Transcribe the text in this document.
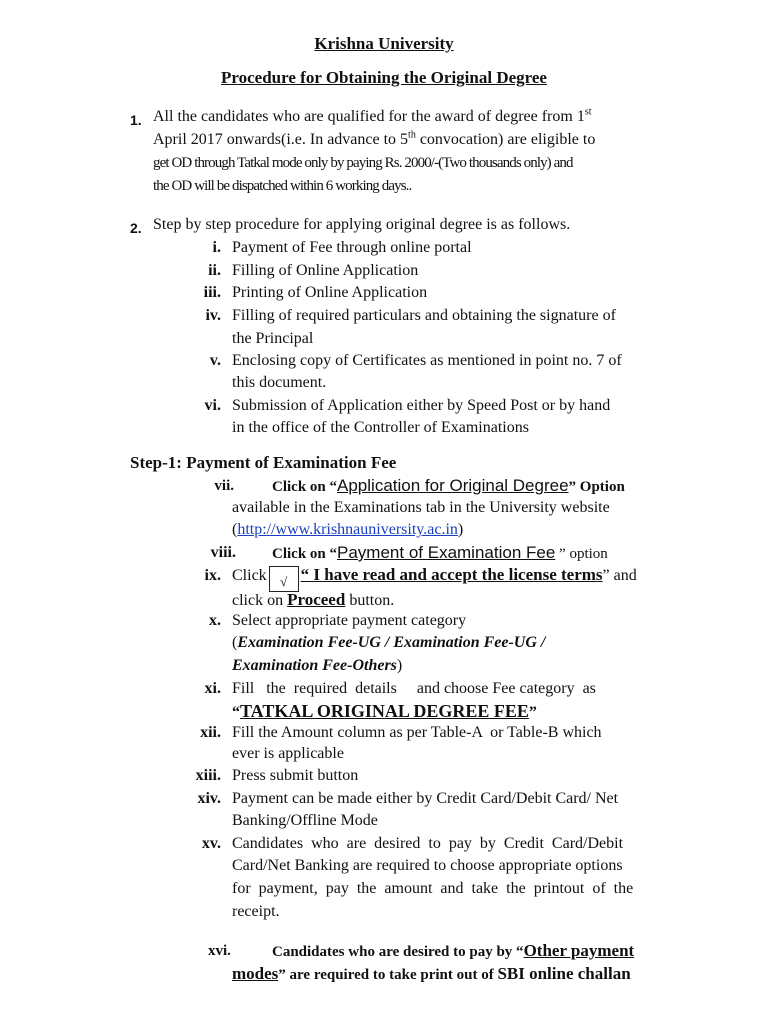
Krishna University
Procedure for Obtaining the Original Degree
1. All the candidates who are qualified for the award of degree from 1st
April 2017 onwards(i.e. In advance to 5th convocation) are eligible to
get OD through Tatkal mode only by paying Rs. 2000/-(Two thousands only) and
the OD will be dispatched within 6 working days..
2. Step by step procedure for applying original degree is as follows.
i. Payment of Fee through online portal
ii. Filling of Online Application
iii. Printing of Online Application
iv. Filling of required particulars and obtaining the signature of
the Principal
v. Enclosing copy of Certificates as mentioned in point no. 7 of
this document.
vi. Submission of Application either by Speed Post or by hand
in the office of the Controller of Examinations
Step-1: Payment of Examination Fee
vii.	Click on “Application for Original Degree” Option
available in the Examinations tab in the University website
(http://www.krishnauniversity.ac.in)
viii. Click on “Payment of Examination Fee ” option
ix. Click √ “ I have read and accept the license terms” and
click on Proceed button.
x. Select appropriate payment category
(Examination Fee-UG / Examination Fee-UG /
Examination Fee-Others)
xi. Fill   the  required  details     and choose Fee category  as
“TATKAL ORIGINAL DEGREE FEE”
xii. Fill the Amount column as per Table-A  or Table-B which
ever is applicable
xiii. Press submit button
xiv. Payment can be made either by Credit Card/Debit Card/ Net
Banking/Offline Mode
xv. Candidates  who  are  desired  to  pay  by  Credit  Card/Debit
Card/Net Banking are required to choose appropriate options
for  payment,  pay  the  amount  and  take  the  printout  of  the
receipt.
xvi.	Candidates who are desired to pay by “Other payment
modes” are required to take print out of SBI online challan
